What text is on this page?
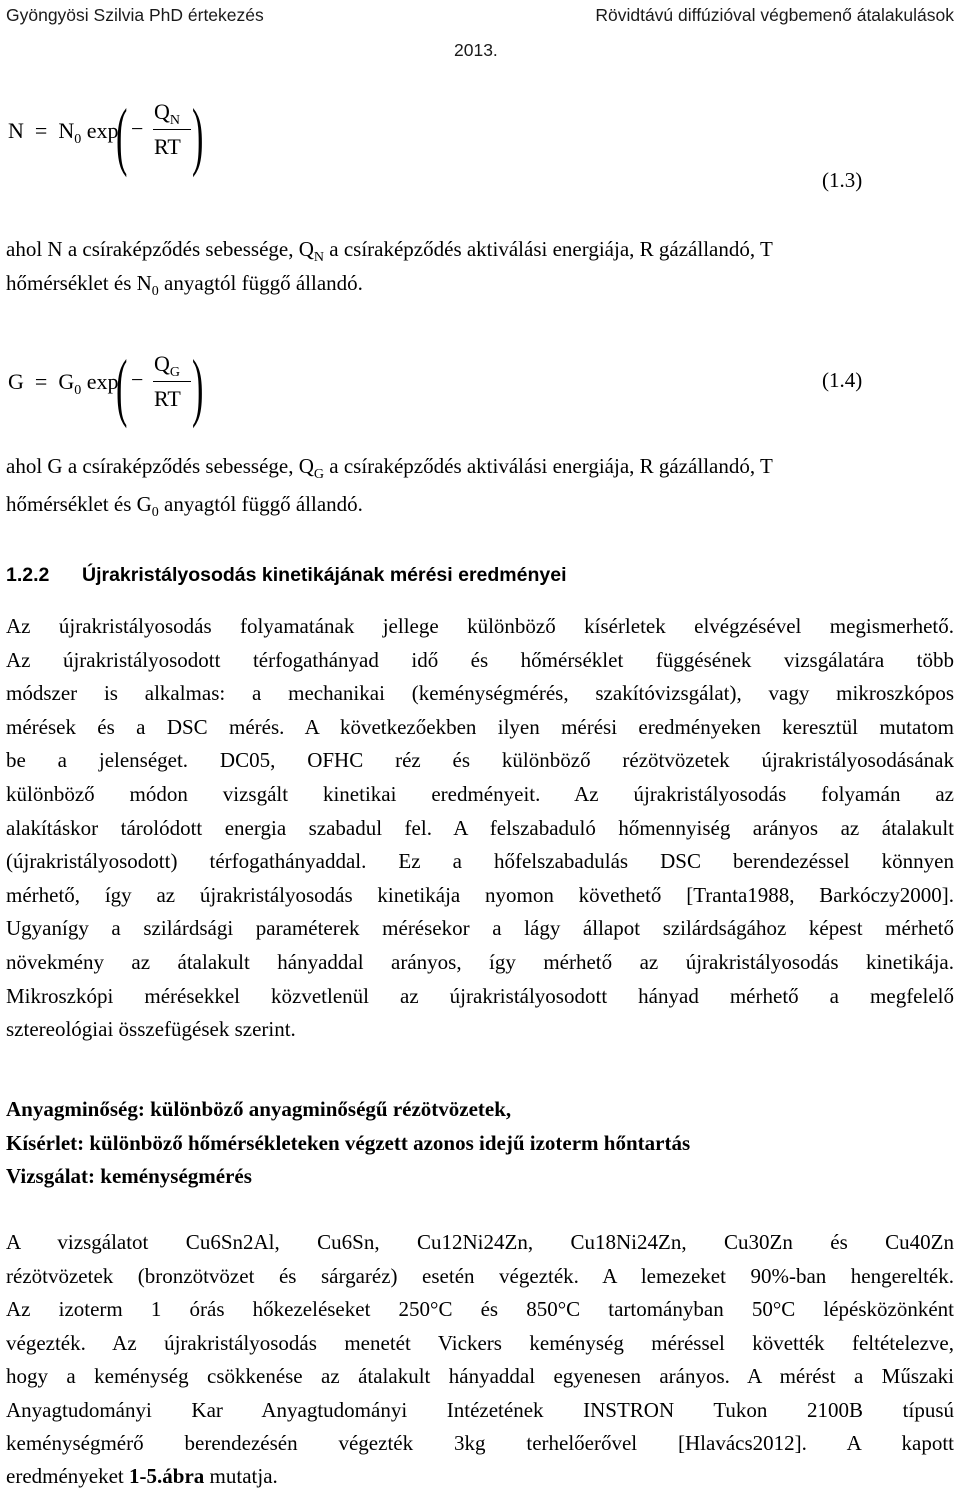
Gyöngyösi Szilvia PhD értekezés	Rövidtávú diffúzióval végbemenő átalakulások
2013.
$N = N_0$ exp
( −
$Q_N$
RT )
(1.3)
ahol N a csíraképződés sebessége, $Q_N$ a csíraképződés aktiválási energiája, R gázállandó, T
hőmérséklet és $N_0$ anyagtól függő állandó.
$G = G_0$ exp
( −
$Q_G$
RT )	(1.4)
ahol G a csíraképződés sebessége, $Q_G$ a csíraképződés aktiválási energiája, R gázállandó, T
hőmérséklet és $G_0$ anyagtól függő állandó.
1.2.2 Újrakristályosodás kinetikájának mérési eredményei
Az újrakristályosodás folyamatának jellege különböző kísérletek elvégzésével megismerhető.
Az újrakristályosodott térfogathányad idő és hőmérséklet függésének vizsgálatára több
módszer is alkalmas: a mechanikai (keménységmérés, szakítóvizsgálat), vagy mikroszkópos
mérések és a DSC mérés. A következőekben ilyen mérési eredményeken keresztül mutatom
be a jelenséget. DC05, OFHC réz és különböző rézötvözetek újrakristályosodásának
különböző módon vizsgált kinetikai eredményeit. Az újrakristályosodás folyamán az
alakításkor tárolódott energia szabadul fel. A felszabaduló hőmennyiség arányos az átalakult
(újrakristályosodott) térfogathányaddal. Ez a hőfelszabadulás DSC berendezéssel könnyen
mérhető, így az újrakristályosodás kinetikája nyomon követhető [Tranta1988, Barkóczy2000].
Ugyanígy a szilárdsági paraméterek mérésekor a lágy állapot szilárdságához képest mérhető
növekmény az átalakult hányaddal arányos, így mérhető az újrakristályosodás kinetikája.
Mikroszkópi mérésekkel közvetlenül az újrakristályosodott hányad mérhető a megfelelő
sztereológiai összefügések szerint.
Anyagminőség: különböző anyagminőségű rézötvözetek,
Kísérlet: különböző hőmérsékleteken végzett azonos idejű izoterm hőntartás
Vizsgálat: keménységmérés
A vizsgálatot Cu6Sn2Al, Cu6Sn, Cu12Ni24Zn, Cu18Ni24Zn, Cu30Zn és Cu40Zn
rézötvözetek (bronzötvözet és sárgaréz) esetén végezték. A lemezeket 90%-ban hengerelték.
Az izoterm 1 órás hőkezeléseket 250°C és 850°C tartományban 50°C lépésközönként
végezték. Az újrakristályosodás menetét Vickers keménység méréssel követték feltételezve,
hogy a keménység csökkenése az átalakult hányaddal egyenesen arányos. A mérést a Műszaki
Anyagtudományi Kar Anyagtudományi Intézetének INSTRON Tukon 2100B típusú
keménységmérő berendezésén végezték 3kg terhelőerővel [Hlavács2012]. A kapott
eredményeket 1-5.ábra mutatja.
